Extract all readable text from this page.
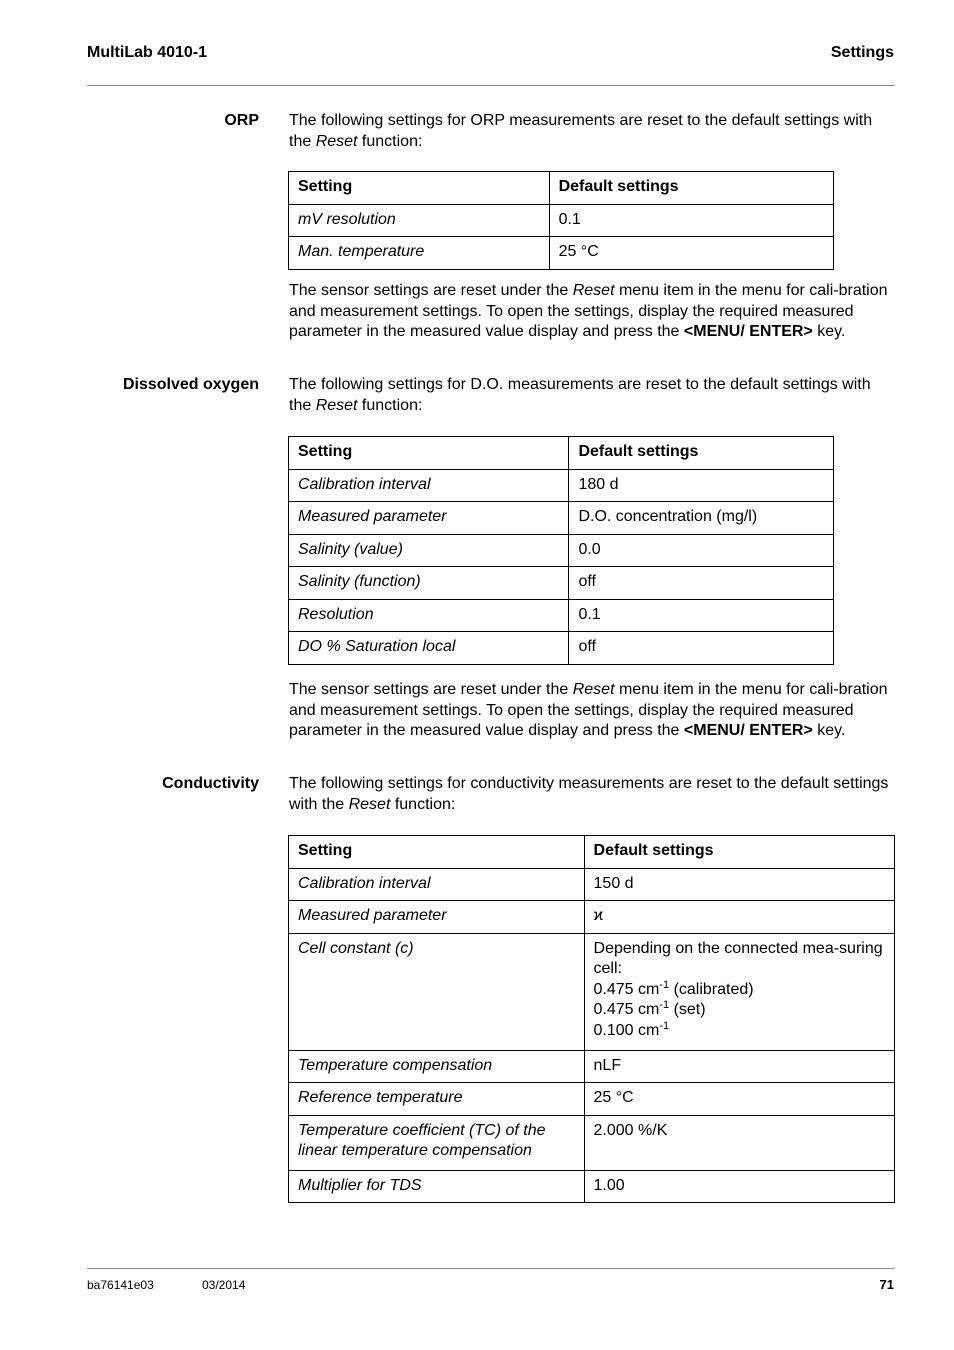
MultiLab 4010-1	Settings
ORP The following settings for ORP measurements are reset to the default settings with the Reset function:
Setting	Default settings
mV resolution	0.1
Man. temperature	25 °C
The sensor settings are reset under the Reset menu item in the menu for cali-bration and measurement settings. To open the settings, display the required measured parameter in the measured value display and press the <MENU/ ENTER> key.
Dissolved oxygen The following settings for D.O. measurements are reset to the default settings with the Reset function:
Setting	Default settings
Calibration interval	180 d
Measured parameter	D.O. concentration (mg/l)
Salinity (value)	0.0
Salinity (function)	off
Resolution	0.1
DO % Saturation local	off
The sensor settings are reset under the Reset menu item in the menu for cali-bration and measurement settings. To open the settings, display the required measured parameter in the measured value display and press the <MENU/ ENTER> key.
Conductivity The following settings for conductivity measurements are reset to the default settings with the Reset function:
Setting	Default settings
Calibration interval	150 d
Measured parameter	ϰ
Cell constant (c)	Depending on the connected mea-suring cell:
0.475 $cm^{-1}$ (calibrated)
0.475 $cm^{-1}$ (set)
0.100 $cm^{-1}$

Temperature compensation	nLF
Reference temperature	25 °C
Temperature coefficient (TC) of the linear temperature compensation	2.000 %/K
Multiplier for TDS	1.00
ba76141e03	03/2014	71
